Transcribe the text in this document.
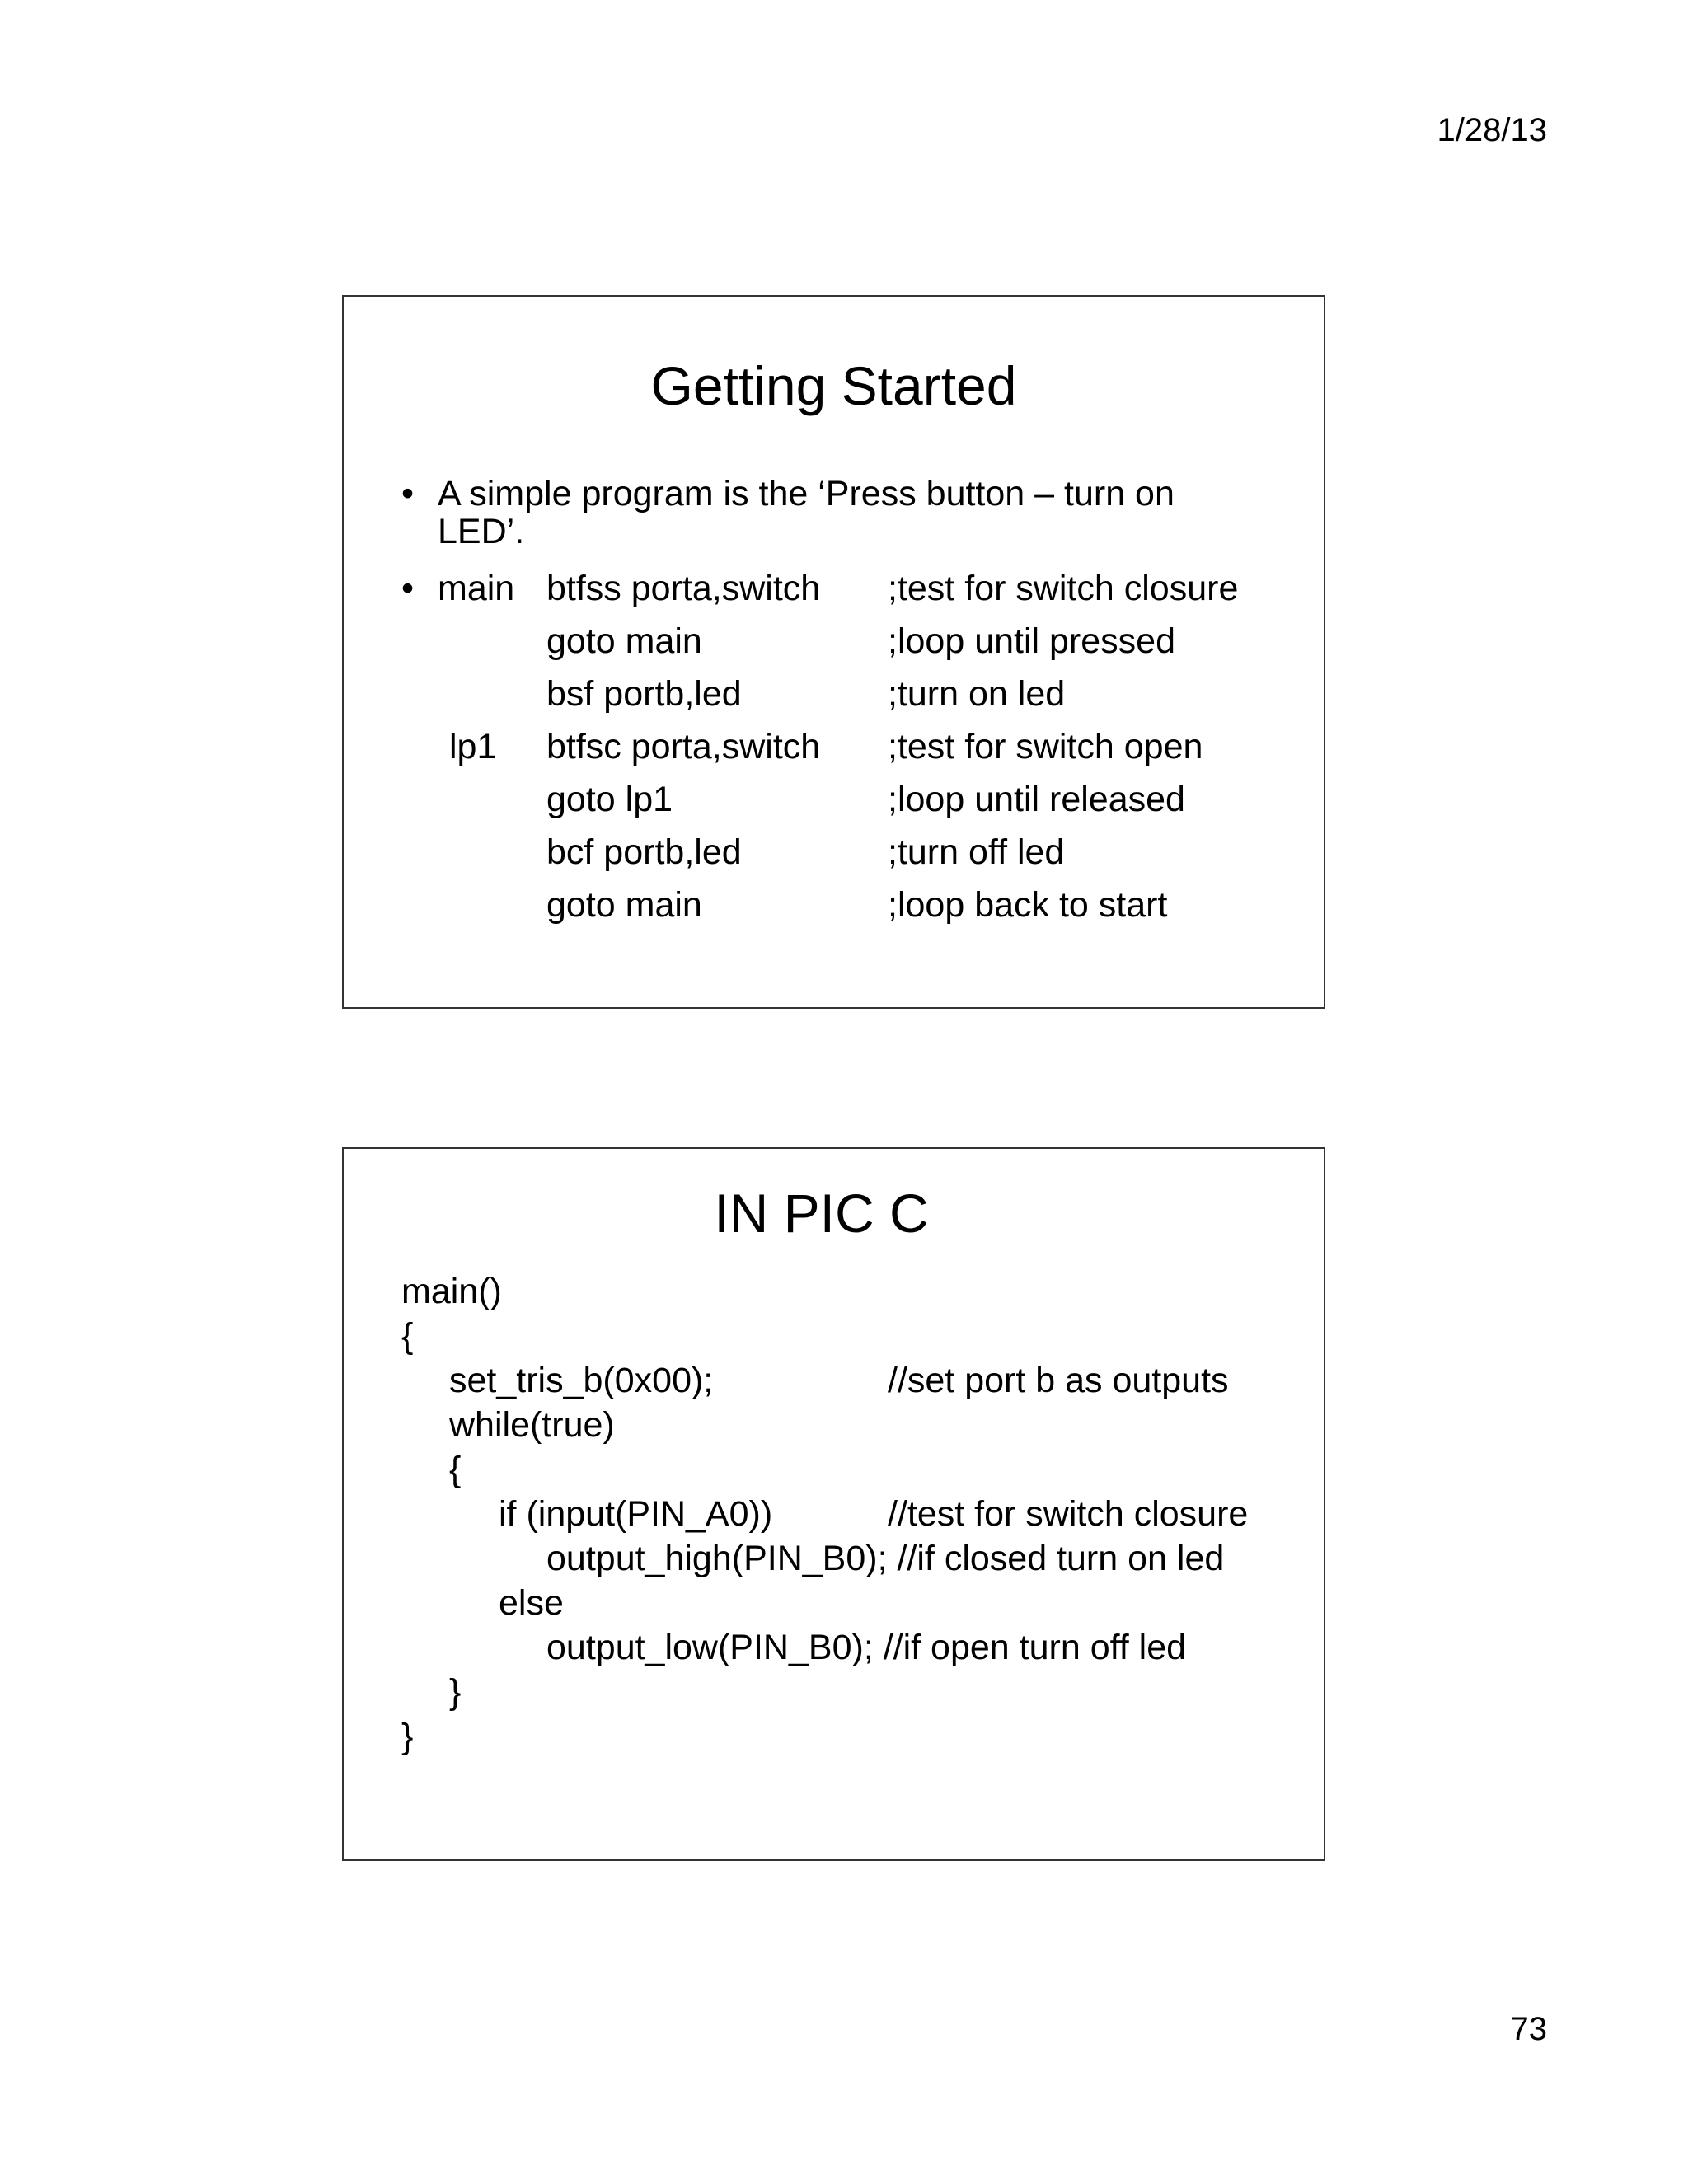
1/28/13
Getting Started
• A simple program is the ‘Press button – turn on
LED’.
• main btfss porta,switch ;test for switch closure
goto main	;loop until pressed
bsf portb,led	;turn on led
lp1 btfsc porta,switch ;test for switch open
goto lp1	;loop until released
bcf portb,led	;turn off led
goto main	;loop back to start
IN PIC C
main()
{
set_tris_b(0x00);	//set port b as outputs
while(true)
{
if (input(PIN_A0))	//test for switch closure
output_high(PIN_B0); //if closed turn on led
else
output_low(PIN_B0); //if open turn off led
}
}
73
